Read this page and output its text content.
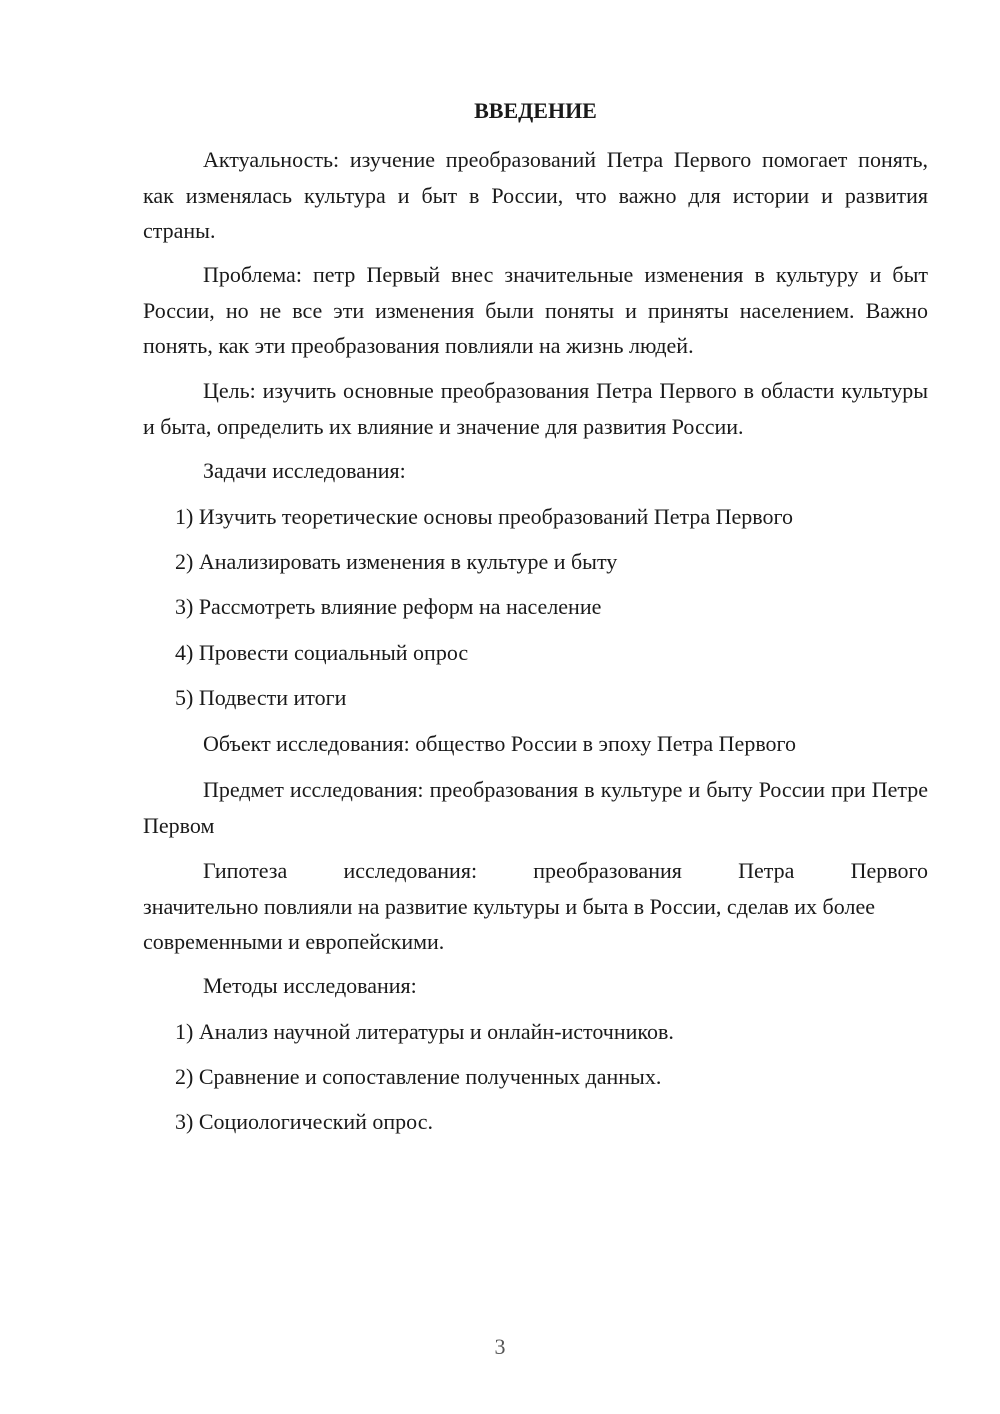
ВВЕДЕНИЕ

Актуальность: изучение преобразований Петра Первого помогает понять, как изменялась культура и быт в России, что важно для истории и развития страны.

Проблема: петр Первый внес значительные изменения в культуру и быт России, но не все эти изменения были поняты и приняты населением. Важно понять, как эти преобразования повлияли на жизнь людей.

Цель: изучить основные преобразования Петра Первого в области культуры и быта, определить их влияние и значение для развития России.

Задачи исследования:

1) Изучить теоретические основы преобразований Петра Первого

2) Анализировать изменения в культуре и быту

3) Рассмотреть влияние реформ на население

4) Провести социальный опрос

5) Подвести итоги

Объект исследования: общество России в эпоху Петра Первого

Предмет исследования: преобразования в культуре и быту России при Петре Первом

Гипотеза	исследования:	преобразования	Петра	Первого
значительно повлияли на развитие культуры и быта в России, сделав их более современными и европейскими.

Методы исследования:

1) Анализ научной литературы и онлайн-источников.

2) Сравнение и сопоставление полученных данных.

3) Социологический опрос.

3
